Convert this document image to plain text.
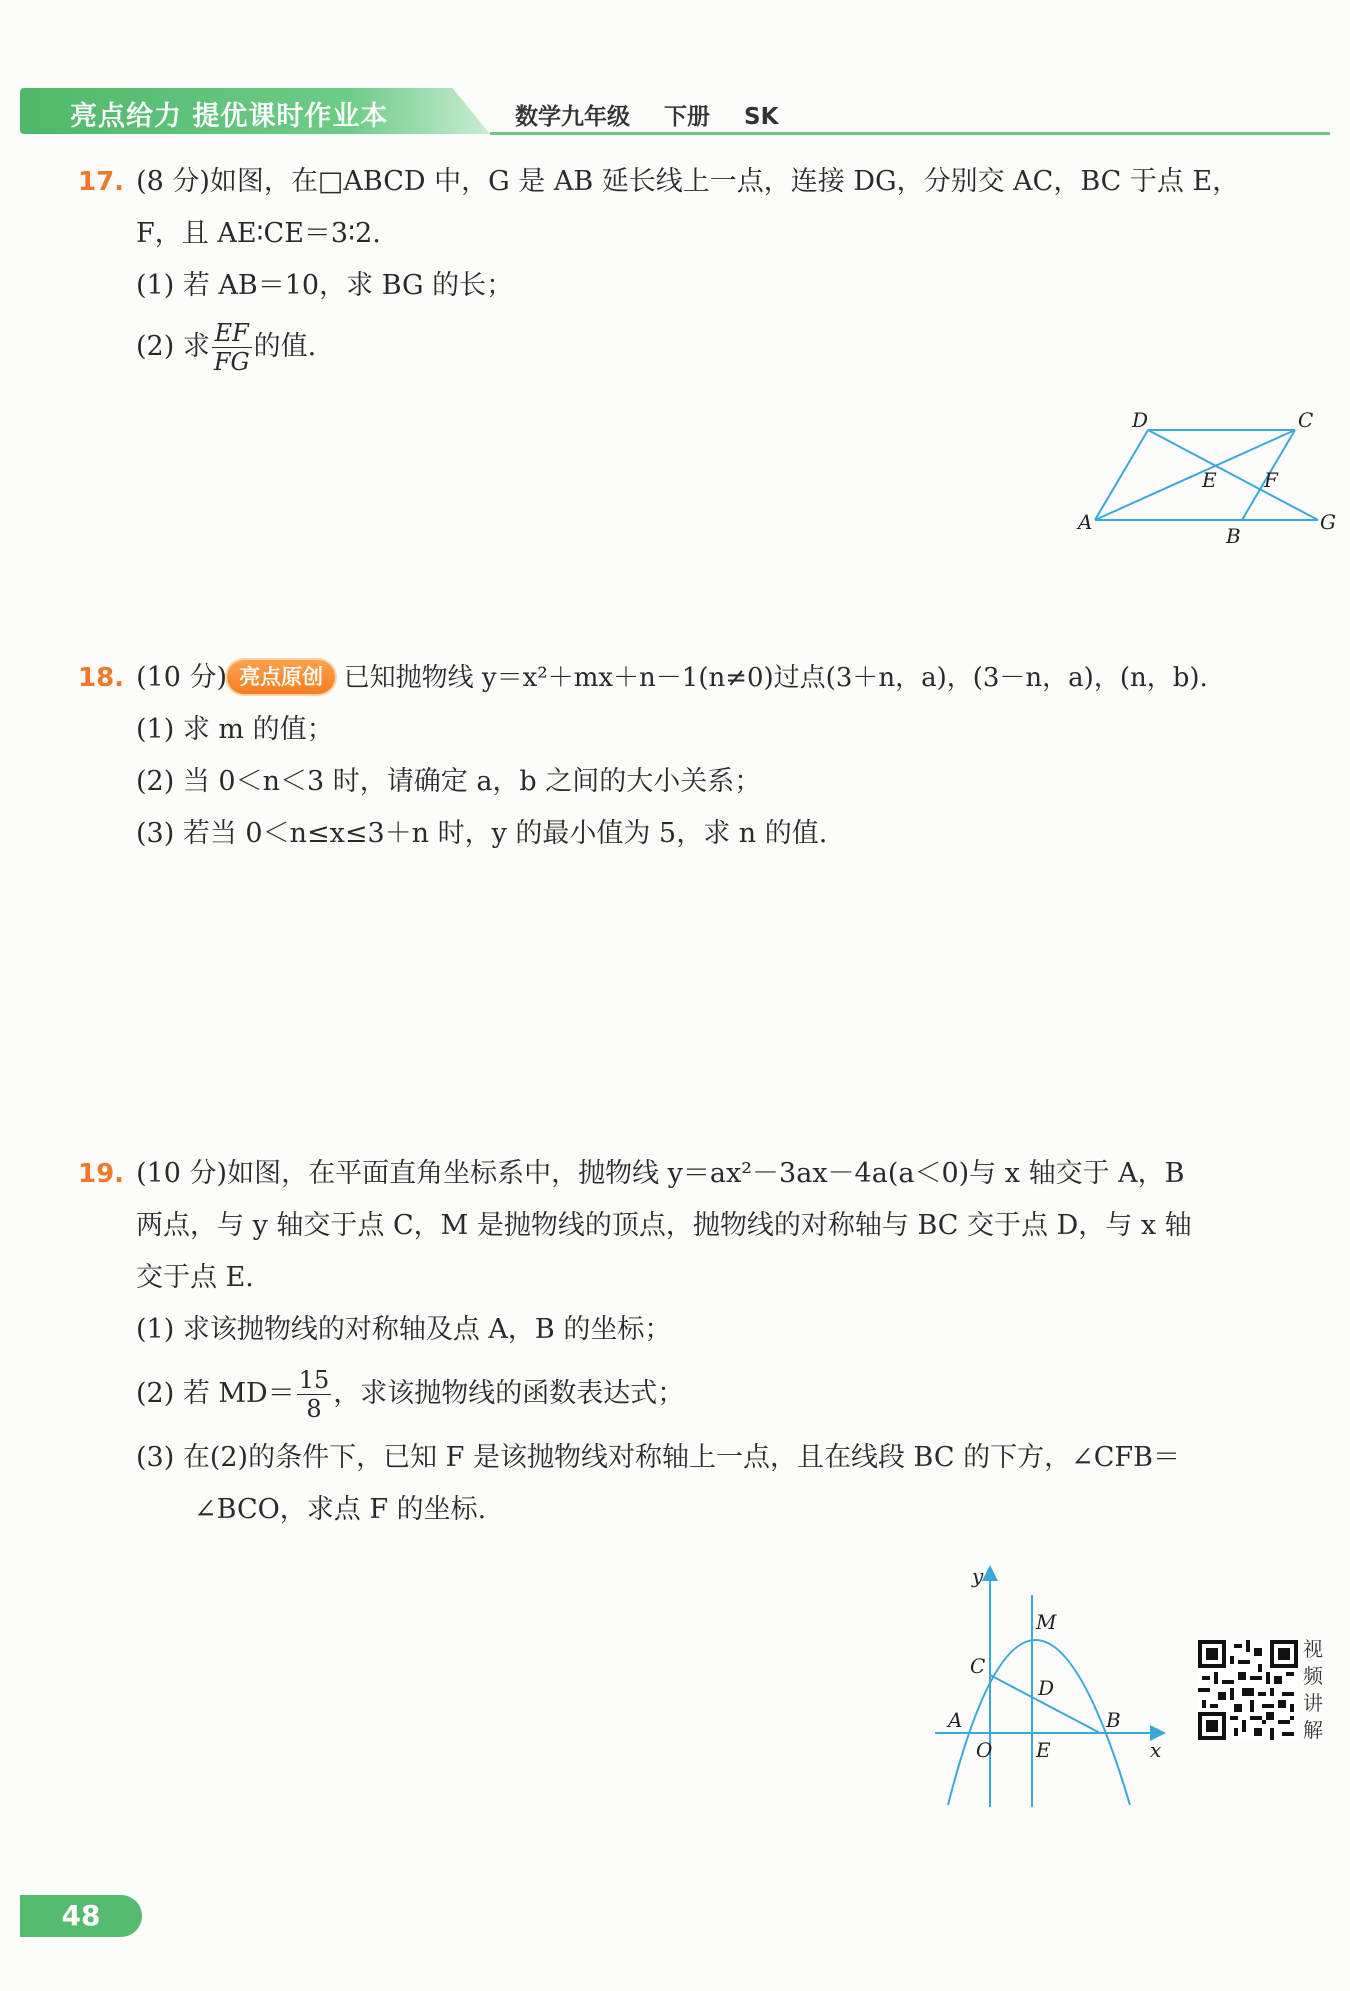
亮点给力 提优课时作业本	数学九年级 下册 SK
17. (8 分)如图，在□ABCD 中，G 是 AB 延长线上一点，连接 DG，分别交 AC，BC 于点 E，
F，且 AE∶CE＝3∶2.
(1) 若 AB＝10，求 BG 的长；
(2) 求 $\frac{EF}{FG}$ 的值.
D	C
E F
A
B
G
18. (10 分) 亮点原创 已知抛物线 y＝x²＋mx＋n－1(n≠0)过点(3＋n，a)，(3－n，a)，(n，b).
(1) 求 m 的值；
(2) 当 0＜n＜3 时，请确定 a，b 之间的大小关系；
(3) 若当 0＜n≤x≤3＋n 时，y 的最小值为 5，求 n 的值.
19. (10 分)如图，在平面直角坐标系中，抛物线 y＝ax²－3ax－4a(a＜0)与 x 轴交于 A，B
两点，与 y 轴交于点 C，M 是抛物线的顶点，抛物线的对称轴与 BC 交于点 D，与 x 轴
交于点 E.
(1) 求该抛物线的对称轴及点 A，B 的坐标；
(2) 若 $MD= \frac{15}{8}$ ，求该抛物线的函数表达式；
(3) 在(2)的条件下，已知 F 是该抛物线对称轴上一点，且在线段 BC 的下方，∠CFB＝
∠BCO，求点 F 的坐标.
y
x
M
C
D
A	B
O E
视频讲解
48
